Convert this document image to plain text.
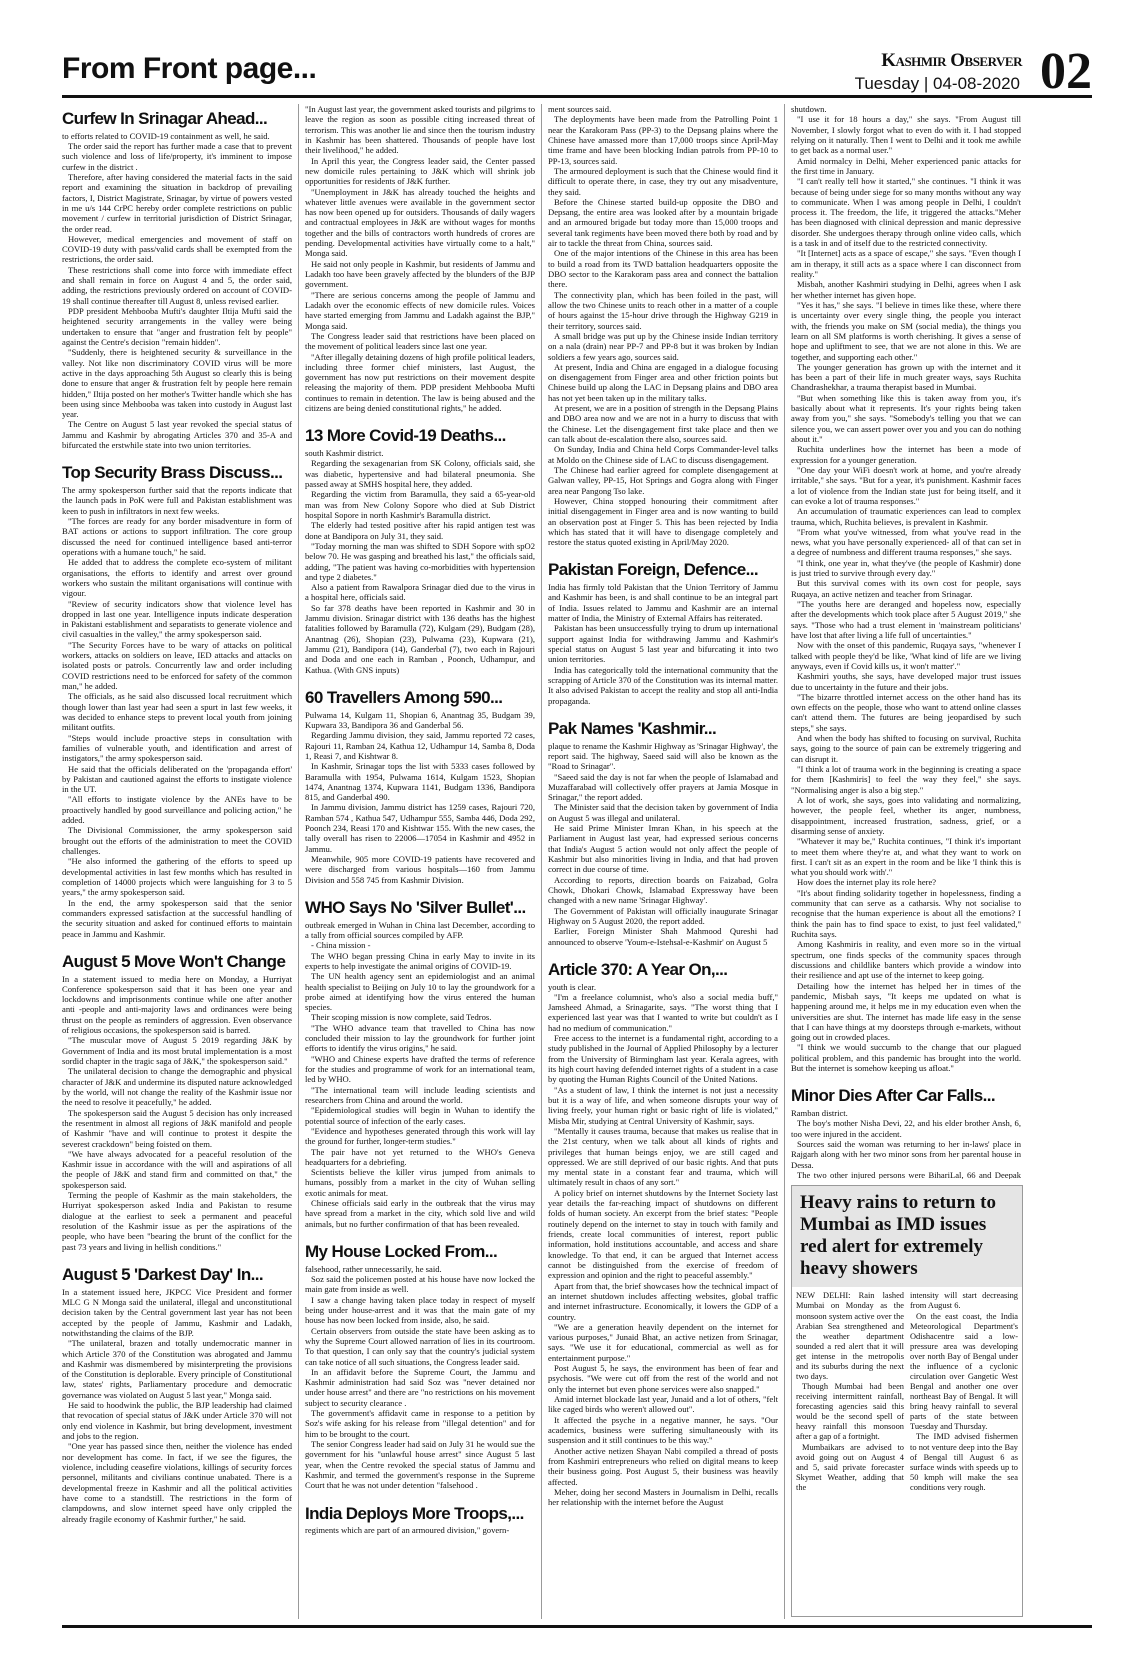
From Front page...	Kashmir Observer
Tuesday | 04-08-2020 02
Curfew In Srinagar Ahead...

to efforts related to COVID-19 containment as well, he said.

The order said the report has further made a case that to prevent such violence and loss of life/property, it's imminent to impose curfew in the district .

Therefore, after having considered the material facts in the said report and examining the situation in backdrop of prevailing factors, I, District Magistrate, Srinagar, by virtue of powers vested in me u/s 144 CrPC hereby order complete restrictions on public movement / curfew in territorial jurisdiction of District Srinagar, the order read.

However, medical emergencies and movement of staff on COVID-19 duty with pass/valid cards shall be exempted from the restrictions, the order said.

These restrictions shall come into force with immediate effect and shall remain in force on August 4 and 5, the order said, adding, the restrictions previously ordered on account of COVID-19 shall continue thereafter till August 8, unless revised earlier.

PDP president Mehbooba Mufti's daughter Iltija Mufti said the heightened security arrangements in the valley were being undertaken to ensure that "anger and frustration felt by people" against the Centre's decision "remain hidden".

"Suddenly, there is heightened security & surveillance in the valley. Not like non discriminatory COVID virus will be more active in the days approaching 5th August so clearly this is being done to ensure that anger & frustration felt by people here remain hidden," Iltija posted on her mother's Twitter handle which she has been using since Mehbooba was taken into custody in August last year.

The Centre on August 5 last year revoked the special status of Jammu and Kashmir by abrogating Articles 370 and 35-A and bifurcated the erstwhile state into two union territories.

Top Security Brass Discuss...

The army spokesperson further said that the reports indicate that the launch pads in PoK were full and Pakistan establishment was keen to push in infiltrators in next few weeks.

"The forces are ready for any border misadventure in form of BAT actions or actions to support infiltration. The core group discussed the need for continued intelligence based anti-terror operations with a humane touch," he said.

He added that to address the complete eco-system of militant organisations, the efforts to identify and arrest over ground workers who sustain the militant organisations will continue with vigour.

"Review of security indicators show that violence level has dropped in last one year. Intelligence inputs indicate desperation in Pakistani establishment and separatists to generate violence and civil casualties in the valley," the army spokesperson said.

"The Security Forces have to be wary of attacks on political workers, attacks on soldiers on leave, IED attacks and attacks on isolated posts or patrols. Concurrently law and order including COVID restrictions need to be enforced for safety of the common man," he added.

The officials, as he said also discussed local recruitment which though lower than last year had seen a spurt in last few weeks, it was decided to enhance steps to prevent local youth from joining militant outfits.

"Steps would include proactive steps in consultation with families of vulnerable youth, and identification and arrest of instigators," the army spokesperson said.

He said that the officials deliberated on the 'propaganda effort' by Pakistan and cautioned against the efforts to instigate violence in the UT.

"All efforts to instigate violence by the ANEs have to be proactively handled by good surveillance and policing action," he added.

The Divisional Commissioner, the army spokesperson said brought out the efforts of the administration to meet the COVID challenges.

"He also informed the gathering of the efforts to speed up developmental activities in last few months which has resulted in completion of 14000 projects which were languishing for 3 to 5 years," the army spokesperson said.

In the end, the army spokesperson said that the senior commanders expressed satisfaction at the successful handling of the security situation and asked for continued efforts to maintain peace in Jammu and Kashmir.

August 5 Move Won't Change

In a statement issued to media here on Monday, a Hurriyat Conference spokesperson said that it has been one year and lockdowns and imprisonments continue while one after another anti -people and anti-majority laws and ordinances were being thrust on the people as reminders of aggression. Even observance of religious occasions, the spokesperson said is barred.

"The muscular move of August 5 2019 regarding J&K by Government of India and its most brutal implementation is a most sordid chapter in the tragic saga of J&K," the spokesperson said."

The unilateral decision to change the demographic and physical character of J&K and undermine its disputed nature acknowledged by the world, will not change the reality of the Kashmir issue nor the need to resolve it peacefully," he added.

The spokesperson said the August 5 decision has only increased the resentment in almost all regions of J&K manifold and people of Kashmir "have and will continue to protest it despite the severest crackdown" being foisted on them.

"We have always advocated for a peaceful resolution of the Kashmir issue in accordance with the will and aspirations of all the people of J&K and stand firm and committed on that," the spokesperson said.

Terming the people of Kashmir as the main stakeholders, the Hurriyat spokesperson asked India and Pakistan to resume dialogue at the earliest to seek a permanent and peaceful resolution of the Kashmir issue as per the aspirations of the people, who have been "bearing the brunt of the conflict for the past 73 years and living in hellish conditions."

August 5 'Darkest Day' In...

In a statement issued here, JKPCC Vice President and former MLC G N Monga said the unilateral, illegal and unconstitutional decision taken by the Central government last year has not been accepted by the people of Jammu, Kashmir and Ladakh, notwithstanding the claims of the BJP.

"The unilateral, brazen and totally undemocratic manner in which Article 370 of the Constitution was abrogated and Jammu and Kashmir was dismembered by misinterpreting the provisions of the Constitution is deplorable. Every principle of Constitutional law, states' rights, Parliamentary procedure and democratic governance was violated on August 5 last year," Monga said.

He said to hoodwink the public, the BJP leadership had claimed that revocation of special status of J&K under Article 370 will not only end violence in Kashmir, but bring development, investment and jobs to the region.

"One year has passed since then, neither the violence has ended nor development has come. In fact, if we see the figures, the violence, including ceasefire violations, killings of security forces personnel, militants and civilians continue unabated. There is a developmental freeze in Kashmir and all the political activities have come to a standstill. The restrictions in the form of clampdowns, and slow internet speed have only crippled the already fragile economy of Kashmir further," he said.

"In August last year, the government asked tourists and pilgrims to leave the region as soon as possible citing increased threat of terrorism. This was another lie and since then the tourism industry in Kashmir has been shattered. Thousands of people have lost their livelihood," he added.

In April this year, the Congress leader said, the Center passed new domicile rules pertaining to J&K which will shrink job opportunities for residents of J&K further.

"Unemployment in J&K has already touched the heights and whatever little avenues were available in the government sector has now been opened up for outsiders. Thousands of daily wagers and contractual employees in J&K are without wages for months together and the bills of contractors worth hundreds of crores are pending. Developmental activities have virtually come to a halt," Monga said.

He said not only people in Kashmir, but residents of Jammu and Ladakh too have been gravely affected by the blunders of the BJP government.

"There are serious concerns among the people of Jammu and Ladakh over the economic effects of new domicile rules. Voices have started emerging from Jammu and Ladakh against the BJP," Monga said.

The Congress leader said that restrictions have been placed on the movement of political leaders since last one year.

"After illegally detaining dozens of high profile political leaders, including three former chief ministers, last August, the government has now put restrictions on their movement despite releasing the majority of them. PDP president Mehbooba Mufti continues to remain in detention. The law is being abused and the citizens are being denied constitutional rights," he added.

13 More Covid-19 Deaths...

south Kashmir district.

Regarding the sexagenarian from SK Colony, officials said, she was diabetic, hypertensive and had bilateral pneumonia. She passed away at SMHS hospital here, they added.

Regarding the victim from Baramulla, they said a 65-year-old man was from New Colony Sopore who died at Sub District hospital Sopore in north Kashmir's Baramulla district.

The elderly had tested positive after his rapid antigen test was done at Bandipora on July 31, they said.

"Today morning the man was shifted to SDH Sopore with spO2 below 70. He was gasping and breathed his last," the officials said, adding, "The patient was having co-morbidities with hypertension and type 2 diabetes."

Also a patient from Rawalpora Srinagar died due to the virus in a hospital here, officials said.

So far 378 deaths have been reported in Kashmir and 30 in Jammu division. Srinagar district with 136 deaths has the highest fatalities followed by Baramulla (72), Kulgam (29), Budgam (28), Anantnag (26), Shopian (23), Pulwama (23), Kupwara (21), Jammu (21), Bandipora (14), Ganderbal (7), two each in Rajouri and Doda and one each in Ramban , Poonch, Udhampur, and Kathua. (With GNS inputs)

60 Travellers Among 590...

Pulwama 14, Kulgam 11, Shopian 6, Anantnag 35, Budgam 39, Kupwara 33, Bandipora 36 and Ganderbal 56.

Regarding Jammu division, they said, Jammu reported 72 cases, Rajouri 11, Ramban 24, Kathua 12, Udhampur 14, Samba 8, Doda 1, Reasi 7, and Kishtwar 8.

In Kashmir, Srinagar tops the list with 5333 cases followed by Baramulla with 1954, Pulwama 1614, Kulgam 1523, Shopian 1474, Anantnag 1374, Kupwara 1141, Budgam 1336, Bandipora 815, and Ganderbal 490.

In Jammu division, Jammu district has 1259 cases, Rajouri 720, Ramban 574 , Kathua 547, Udhampur 555, Samba 446, Doda 292, Poonch 234, Reasi 170 and Kishtwar 155. With the new cases, the tally overall has risen to 22006—17054 in Kashmir and 4952 in Jammu.

Meanwhile, 905 more COVID-19 patients have recovered and were discharged from various hospitals—160 from Jammu Division and 558 745 from Kashmir Division.

WHO Says No 'Silver Bullet'...

outbreak emerged in Wuhan in China last December, according to a tally from official sources compiled by AFP.

- China mission -

The WHO began pressing China in early May to invite in its experts to help investigate the animal origins of COVID-19.

The UN health agency sent an epidemiologist and an animal health specialist to Beijing on July 10 to lay the groundwork for a probe aimed at identifying how the virus entered the human species.

Their scoping mission is now complete, said Tedros.

"The WHO advance team that travelled to China has now concluded their mission to lay the groundwork for further joint efforts to identify the virus origins," he said.

"WHO and Chinese experts have drafted the terms of reference for the studies and programme of work for an international team, led by WHO.

"The international team will include leading scientists and researchers from China and around the world.

"Epidemiological studies will begin in Wuhan to identify the potential source of infection of the early cases.

"Evidence and hypotheses generated through this work will lay the ground for further, longer-term studies."

The pair have not yet returned to the WHO's Geneva headquarters for a debriefing.

Scientists believe the killer virus jumped from animals to humans, possibly from a market in the city of Wuhan selling exotic animals for meat.

Chinese officials said early in the outbreak that the virus may have spread from a market in the city, which sold live and wild animals, but no further confirmation of that has been revealed.

My House Locked From...

falsehood, rather unnecessarily, he said.

Soz said the policemen posted at his house have now locked the main gate from inside as well.

I saw a change having taken place today in respect of myself being under house-arrest and it was that the main gate of my house has now been locked from inside, also, he said.

Certain observers from outside the state have been asking as to why the Supreme Court allowed narration of lies in its courtroom. To that question, I can only say that the country's judicial system can take notice of all such situations, the Congress leader said.

In an affidavit before the Supreme Court, the Jammu and Kashmir administration had said Soz was "never detained nor under house arrest" and there are "no restrictions on his movement subject to security clearance .

The government's affidavit came in response to a petition by Soz's wife asking for his release from "illegal detention" and for him to be brought to the court.

The senior Congress leader had said on July 31 he would sue the government for his "unlawful house arrest" since August 5 last year, when the Centre revoked the special status of Jammu and Kashmir, and termed the government's response in the Supreme Court that he was not under detention "falsehood .

India Deploys More Troops,...

regiments which are part of an armoured division," govern-

ment sources said.

The deployments have been made from the Patrolling Point 1 near the Karakoram Pass (PP-3) to the Depsang plains where the Chinese have amassed more than 17,000 troops since April-May time frame and have been blocking Indian patrols from PP-10 to PP-13, sources said.

The armoured deployment is such that the Chinese would find it difficult to operate there, in case, they try out any misadventure, they said.

Before the Chinese started build-up opposite the DBO and Depsang, the entire area was looked after by a mountain brigade and an armoured brigade but today more than 15,000 troops and several tank regiments have been moved there both by road and by air to tackle the threat from China, sources said.

One of the major intentions of the Chinese in this area has been to build a road from its TWD battalion headquarters opposite the DBO sector to the Karakoram pass area and connect the battalion there.

The connectivity plan, which has been foiled in the past, will allow the two Chinese units to reach other in a matter of a couple of hours against the 15-hour drive through the Highway G219 in their territory, sources said.

A small bridge was put up by the Chinese inside Indian territory on a nala (drain) near PP-7 and PP-8 but it was broken by Indian soldiers a few years ago, sources said.

At present, India and China are engaged in a dialogue focusing on disengagement from Finger area and other friction points but Chinese build up along the LAC in Depsang plains and DBO area has not yet been taken up in the military talks.

At present, we are in a position of strength in the Depsang Plains and DBO area now and we are not in a hurry to discuss that with the Chinese. Let the disengagement first take place and then we can talk about de-escalation there also, sources said.

On Sunday, India and China held Corps Commander-level talks at Moldo on the Chinese side of LAC to discuss disengagement.

The Chinese had earlier agreed for complete disengagement at Galwan valley, PP-15, Hot Springs and Gogra along with Finger area near Pangong Tso lake.

However, China stopped honouring their commitment after initial disengagement in Finger area and is now wanting to build an observation post at Finger 5. This has been rejected by India which has stated that it will have to disengage completely and restore the status quoted existing in April/May 2020.

Pakistan Foreign, Defence...

India has firmly told Pakistan that the Union Territory of Jammu and Kashmir has been, is and shall continue to be an integral part of India. Issues related to Jammu and Kashmir are an internal matter of India, the Ministry of External Affairs has reiterated.

Pakistan has been unsuccessfully trying to drum up international support against India for withdrawing Jammu and Kashmir's special status on August 5 last year and bifurcating it into two union territories.

India has categorically told the international community that the scrapping of Article 370 of the Constitution was its internal matter. It also advised Pakistan to accept the reality and stop all anti-India propaganda.

Pak Names 'Kashmir...

plaque to rename the Kashmir Highway as 'Srinagar Highway', the report said. The highway, Saeed said will also be known as the "Road to Srinagar".

"Saeed said the day is not far when the people of Islamabad and Muzaffarabad will collectively offer prayers at Jamia Mosque in Srinagar," the report added.

The Minister said that the decision taken by government of India on August 5 was illegal and unilateral.

He said Prime Minister Imran Khan, in his speech at the Parliament in August last year, had expressed serious concerns that India's August 5 action would not only affect the people of Kashmir but also minorities living in India, and that had proven correct in due course of time.

According to reports, direction boards on Faizabad, Golra Chowk, Dhokari Chowk, Islamabad Expressway have been changed with a new name 'Srinagar Highway'.

The Government of Pakistan will officially inaugurate Srinagar Highway on 5 August 2020, the report added.

Earlier, Foreign Minister Shah Mahmood Qureshi had announced to observe 'Youm-e-Istehsal-e-Kashmir' on August 5

Article 370: A Year On,...

youth is clear.

"I'm a freelance columnist, who's also a social media buff," Jamsheed Ahmad, a Srinagarite, says. "The worst thing that I experienced last year was that I wanted to write but couldn't as I had no medium of communication."

Free access to the internet is a fundamental right, according to a study published in the Journal of Applied Philosophy by a lecturer from the University of Birmingham last year. Kerala agrees, with its high court having defended internet rights of a student in a case by quoting the Human Rights Council of the United Nations.

"As a student of law, I think the internet is not just a necessity but it is a way of life, and when someone disrupts your way of living freely, your human right or basic right of life is violated," Misba Mir, studying at Central University of Kashmir, says.

"Mentally it causes trauma, because that makes us realise that in the 21st century, when we talk about all kinds of rights and privileges that human beings enjoy, we are still caged and oppressed. We are still deprived of our basic rights. And that puts my mental state in a constant fear and trauma, which will ultimately result in chaos of any sort."

A policy brief on internet shutdowns by the Internet Society last year details the far-reaching impact of shutdowns on different folds of human society. An excerpt from the brief states: "People routinely depend on the internet to stay in touch with family and friends, create local communities of interest, report public information, hold institutions accountable, and access and share knowledge. To that end, it can be argued that Internet access cannot be distinguished from the exercise of freedom of expression and opinion and the right to peaceful assembly."

Apart from that, the brief showcases how the technical impact of an internet shutdown includes affecting websites, global traffic and internet infrastructure. Economically, it lowers the GDP of a country.

"We are a generation heavily dependent on the internet for various purposes," Junaid Bhat, an active netizen from Srinagar, says. "We use it for educational, commercial as well as for entertainment purpose."

Post August 5, he says, the environment has been of fear and psychosis. "We were cut off from the rest of the world and not only the internet but even phone services were also snapped."

Amid internet blockade last year, Junaid and a lot of others, "felt like caged birds who weren't allowed out".

It affected the psyche in a negative manner, he says. "Our academics, business were suffering simultaneously with its suspension and it still continues to be this way."

Another active netizen Shayan Nabi compiled a thread of posts from Kashmiri entrepreneurs who relied on digital means to keep their business going. Post August 5, their business was heavily affected.

Meher, doing her second Masters in Journalism in Delhi, recalls her relationship with the internet before the August

shutdown.

"I use it for 18 hours a day," she says. "From August till November, I slowly forgot what to even do with it. I had stopped relying on it naturally. Then I went to Delhi and it took me awhile to get back as a normal user."

Amid normalcy in Delhi, Meher experienced panic attacks for the first time in January.

"I can't really tell how it started," she continues. "I think it was because of being under siege for so many months without any way to communicate. When I was among people in Delhi, I couldn't process it. The freedom, the life, it triggered the attacks."Meher has been diagnosed with clinical depression and manic depressive disorder. She undergoes therapy through online video calls, which is a task in and of itself due to the restricted connectivity.

"It [Internet] acts as a space of escape," she says. "Even though I am in therapy, it still acts as a space where I can disconnect from reality."

Misbah, another Kashmiri studying in Delhi, agrees when I ask her whether internet has given hope.

"Yes it has," she says. "I believe in times like these, where there is uncertainty over every single thing, the people you interact with, the friends you make on SM (social media), the things you learn on all SM platforms is worth cherishing. It gives a sense of hope and upliftment to see, that we are not alone in this. We are together, and supporting each other."

The younger generation has grown up with the internet and it has been a part of their life in much greater ways, says Ruchita Chandrashekhar, a trauma therapist based in Mumbai.

"But when something like this is taken away from you, it's basically about what it represents. It's your rights being taken away from you," she says. "Somebody's telling you that we can silence you, we can assert power over you and you can do nothing about it."

Ruchita underlines how the internet has been a mode of expression for a younger generation.

"One day your WiFi doesn't work at home, and you're already irritable," she says. "But for a year, it's punishment. Kashmir faces a lot of violence from the Indian state just for being itself, and it can evoke a lot of trauma responses."

An accumulation of traumatic experiences can lead to complex trauma, which, Ruchita believes, is prevalent in Kashmir.

"From what you've witnessed, from what you've read in the news, what you have personally experienced- all of that can set in a degree of numbness and different trauma responses," she says.

"I think, one year in, what they've (the people of Kashmir) done is just tried to survive through every day."

But this survival comes with its own cost for people, says Ruqaya, an active netizen and teacher from Srinagar.

"The youths here are deranged and hopeless now, especially after the developments which took place after 5 August 2019," she says. "Those who had a trust element in 'mainstream politicians' have lost that after living a life full of uncertainties."

Now with the onset of this pandemic, Ruqaya says, "whenever I talked with people they'd be like, 'What kind of life are we living anyways, even if Covid kills us, it won't matter'."

Kashmiri youths, she says, have developed major trust issues due to uncertainty in the future and their jobs.

"The bizarre throttled internet access on the other hand has its own effects on the people, those who want to attend online classes can't attend them. The futures are being jeopardised by such steps," she says.

And when the body has shifted to focusing on survival, Ruchita says, going to the source of pain can be extremely triggering and can disrupt it.

"I think a lot of trauma work in the beginning is creating a space for them [Kashmiris] to feel the way they feel," she says. "Normalising anger is also a big step."

A lot of work, she says, goes into validating and normalizing, however, the people feel, whether its anger, numbness, disappointment, increased frustration, sadness, grief, or a disarming sense of anxiety.

"Whatever it may be," Ruchita continues, "I think it's important to meet them where they're at, and what they want to work on first. I can't sit as an expert in the room and be like 'I think this is what you should work with'."

How does the internet play its role here?

"It's about finding solidarity together in hopelessness, finding a community that can serve as a catharsis. Why not socialise to recognise that the human experience is about all the emotions? I think the pain has to find space to exist, to just feel validated," Ruchita says.

Among Kashmiris in reality, and even more so in the virtual spectrum, one finds specks of the community spaces through discussions and childlike banters which provide a window into their resilience and apt use of the internet to keep going.

Detailing how the internet has helped her in times of the pandemic, Misbah says, "It keeps me updated on what is happening around me, it helps me in my education even when the universities are shut. The internet has made life easy in the sense that I can have things at my doorsteps through e-markets, without going out in crowded places.

"I think we would succumb to the change that our plagued political problem, and this pandemic has brought into the world. But the internet is somehow keeping us afloat."

Minor Dies After Car Falls...

Ramban district.

The boy's mother Nisha Devi, 22, and his elder brother Ansh, 6, too were injured in the accident.

Sources said the woman was returning to her in-laws' place in Rajgarh along with her two minor sons from her parental house in Dessa.

The two other injured persons were BihariLal, 66 and Deepak

Heavy rains to return to Mumbai as IMD issues red alert for extremely heavy showers

NEW DELHI: Rain lashed Mumbai on Monday as the monsoon system active over the Arabian Sea strengthened and the weather department sounded a red alert that it will get intense in the metropolis and its suburbs during the next two days.

Though Mumbai had been receiving intermittent rainfall, forecasting agencies said this would be the second spell of heavy rainfall this monsoon after a gap of a fortnight.

Mumbaikars are advised to avoid going out on August 4 and 5, said private forecaster Skymet Weather, adding that the

intensity will start decreasing from August 6.

On the east coast, the India Meteorological Department's Odishacentre said a low-pressure area was developing over north Bay of Bengal under the influence of a cyclonic circulation over Gangetic West Bengal and another one over northeast Bay of Bengal. It will bring heavy rainfall to several parts of the state between Tuesday and Thursday.

The IMD advised fishermen to not venture deep into the Bay of Bengal till August 6 as surface winds with speeds up to 50 kmph will make the sea conditions very rough.
